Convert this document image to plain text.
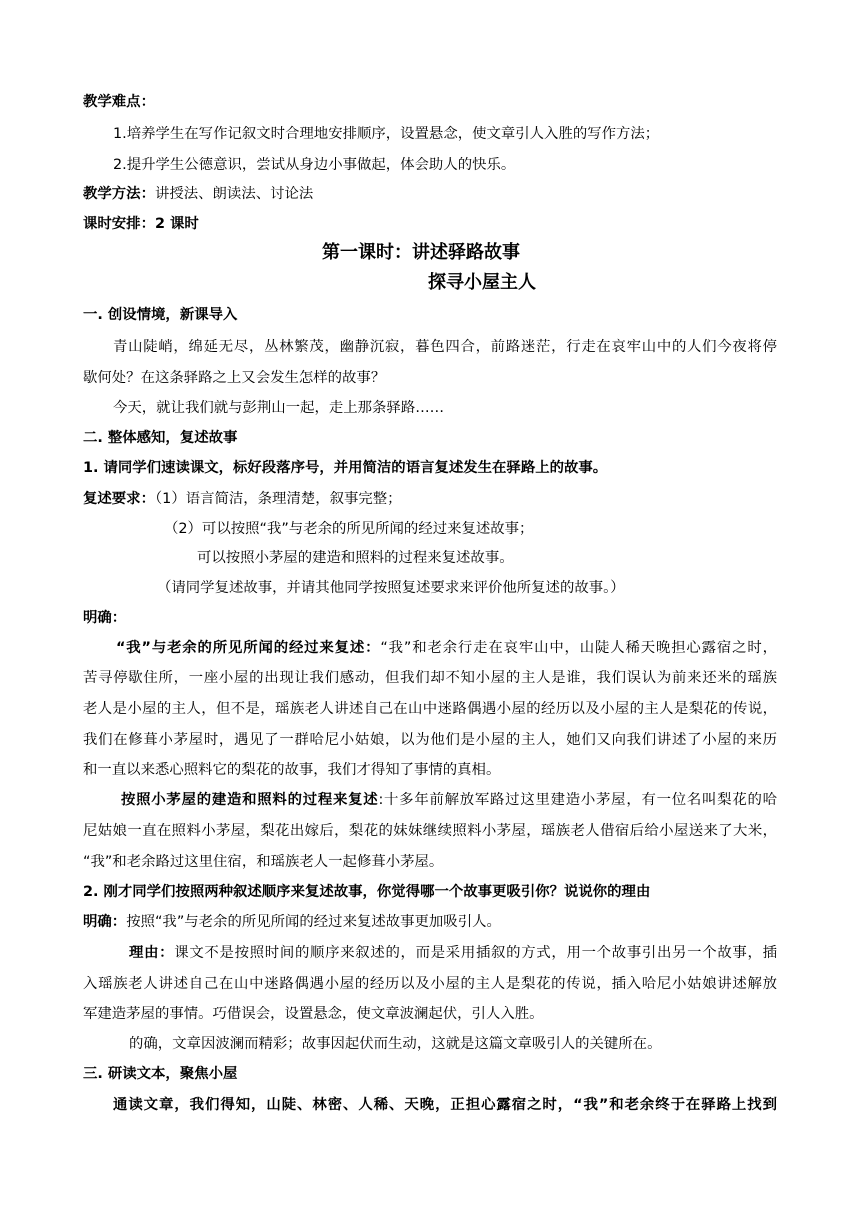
教学难点：
1.培养学生在写作记叙文时合理地安排顺序，设置悬念，使文章引人入胜的写作方法；
2.提升学生公德意识，尝试从身边小事做起，体会助人的快乐。
教学方法：讲授法、朗读法、讨论法
课时安排：2 课时
第一课时：讲述驿路故事
探寻小屋主人
一. 创设情境，新课导入
青山陡峭，绵延无尽，丛林繁茂，幽静沉寂，暮色四合，前路迷茫，行走在哀牢山中的人们今夜将停
歇何处？在这条驿路之上又会发生怎样的故事？
今天，就让我们就与彭荆山一起，走上那条驿路……
二. 整体感知，复述故事
1. 请同学们速读课文，标好段落序号，并用简洁的语言复述发生在驿路上的故事。
复述要求：（1）语言简洁，条理清楚，叙事完整；
（2）可以按照“我”与老余的所见所闻的经过来复述故事；
可以按照小茅屋的建造和照料的过程来复述故事。
（请同学复述故事，并请其他同学按照复述要求来评价他所复述的故事。）
明确：
“我”与老余的所见所闻的经过来复述：“我”和老余行走在哀牢山中，山陡人稀天晚担心露宿之时，
苦寻停歇住所，一座小屋的出现让我们感动，但我们却不知小屋的主人是谁，我们误认为前来还米的瑶族
老人是小屋的主人，但不是，瑶族老人讲述自己在山中迷路偶遇小屋的经历以及小屋的主人是梨花的传说，
我们在修葺小茅屋时，遇见了一群哈尼小姑娘，以为他们是小屋的主人，她们又向我们讲述了小屋的来历
和一直以来悉心照料它的梨花的故事，我们才得知了事情的真相。
按照小茅屋的建造和照料的过程来复述:十多年前解放军路过这里建造小茅屋，有一位名叫梨花的哈
尼姑娘一直在照料小茅屋，梨花出嫁后，梨花的妹妹继续照料小茅屋，瑶族老人借宿后给小屋送来了大米，
“我”和老余路过这里住宿，和瑶族老人一起修葺小茅屋。
2. 刚才同学们按照两种叙述顺序来复述故事，你觉得哪一个故事更吸引你？说说你的理由
明确：按照“我”与老余的所见所闻的经过来复述故事更加吸引人。
理由：课文不是按照时间的顺序来叙述的，而是采用插叙的方式，用一个故事引出另一个故事，插
入瑶族老人讲述自己在山中迷路偶遇小屋的经历以及小屋的主人是梨花的传说，插入哈尼小姑娘讲述解放
军建造茅屋的事情。巧借误会，设置悬念，使文章波澜起伏，引人入胜。
的确，文章因波澜而精彩；故事因起伏而生动，这就是这篇文章吸引人的关键所在。
三. 研读文本，聚焦小屋
通读文章，我们得知，山陡、林密、人稀、天晚，正担心露宿之时，“我”和老余终于在驿路上找到
